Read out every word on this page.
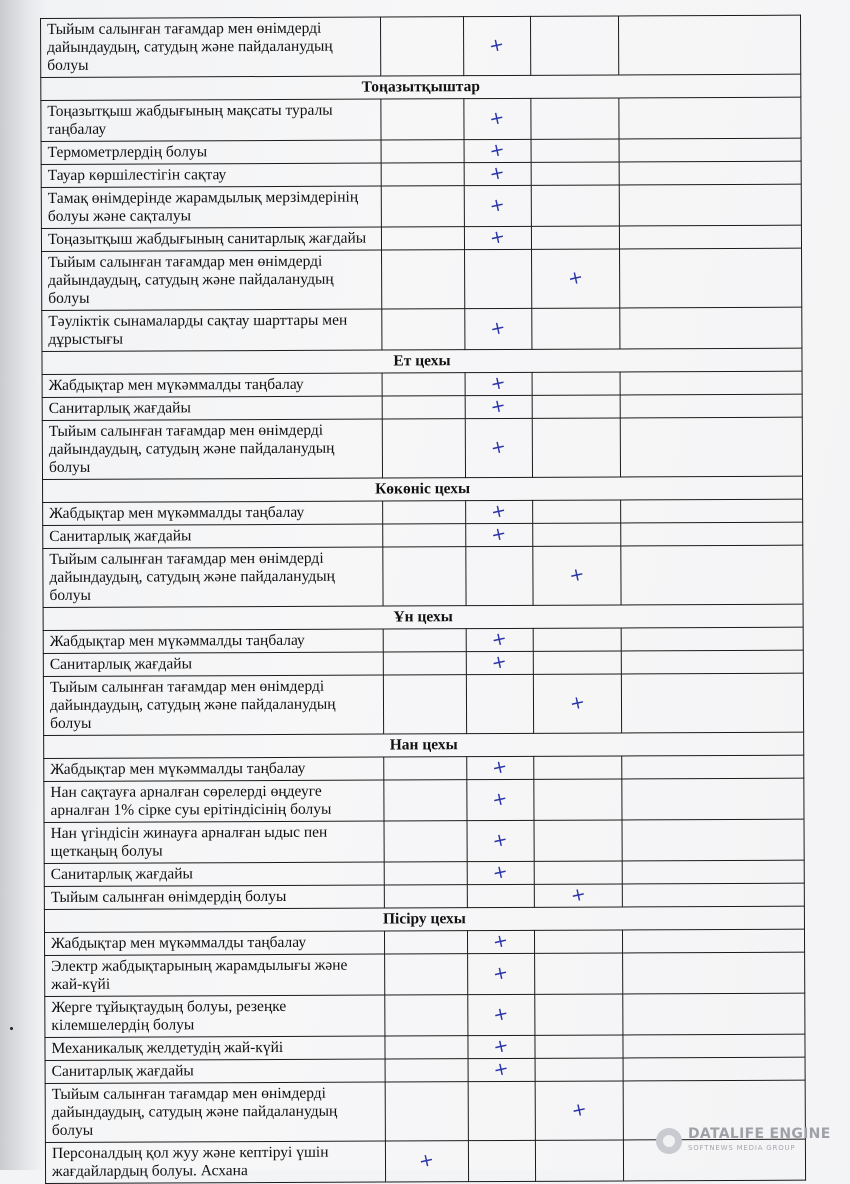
Тыйым салынған тағамдар мен өнімдерді дайындаудың, сатудың және пайдаланудың болуы		+		
Тоңазытқыштар				
Тоңазытқыш жабдығының мақсаты туралы таңбалау		+		
Термометрлердің болуы		+		
Тауар көршілестігін сақтау		+		
Тамақ өнімдерінде жарамдылық мерзімдерінің болуы және сақталуы		+		
Тоңазытқыш жабдығының санитарлық жағдайы		+		
Тыйым салынған тағамдар мен өнімдерді дайындаудың, сатудың және пайдаланудың болуы			+	
Тәуліктік сынамаларды сақтау шарттары мен дұрыстығы		+		
Ет цехы				
Жабдықтар мен мүкəммалды таңбалау		+		
Санитарлық жағдайы		+		
Тыйым салынған тағамдар мен өнімдерді дайындаудың, сатудың және пайдаланудың болуы		+		
Көкөніс цехы				
Жабдықтар мен мүкəммалды таңбалау		+		
Санитарлық жағдайы		+		
Тыйым салынған тағамдар мен өнімдерді дайындаудың, сатудың және пайдаланудың болуы			+	
Ұн цехы				
Жабдықтар мен мүкəммалды таңбалау		+		
Санитарлық жағдайы		+		
Тыйым салынған тағамдар мен өнімдерді дайындаудың, сатудың және пайдаланудың болуы			+	
Нан цехы				
Жабдықтар мен мүкəммалды таңбалау		+		
Нан сақтауға арналған сөрелерді өңдеуге арналған 1% сірке суы ерітіндісінің болуы		+		
Нан үгіндісін жинауға арналған ыдыс пен щеткаңың болуы		+		
Санитарлық жағдайы		+		
Тыйым салынған өнімдердің болуы			+	
Пісіру цехы				
Жабдықтар мен мүкəммалды таңбалау		+		
Электр жабдықтарының жарамдылығы және жай-күйі		+		
Жерге тұйықтаудың болуы, резеңке кілемшелердің болуы		+		
Механикалық желдетудің жай-күйі		+		
Санитарлық жағдайы		+		
Тыйым салынған тағамдар мен өнімдерді дайындаудың, сатудың және пайдаланудың болуы			+	
Персоналдың қол жуу және кептіруі үшін жағдайлардың болуы. Асхана	+			
DATALIFE ENGINE
SOFTNEWS MEDIA GROUP
